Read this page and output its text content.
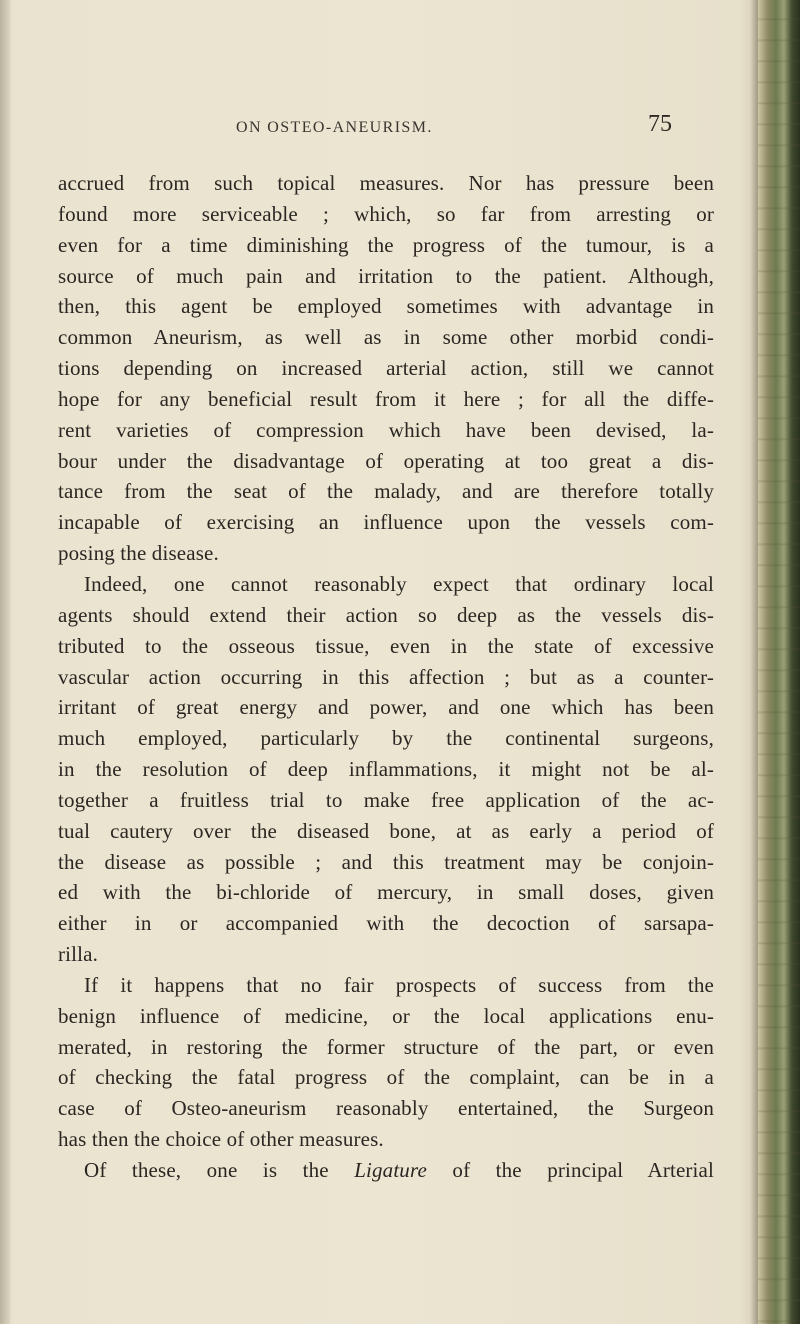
ON OSTEO-ANEURISM.	75
accrued from such topical measures. Nor has pressure been
found more serviceable ; which, so far from arresting or
even for a time diminishing the progress of the tumour, is a
source of much pain and irritation to the patient. Although,
then, this agent be employed sometimes with advantage in
common Aneurism, as well as in some other morbid condi-
tions depending on increased arterial action, still we cannot
hope for any beneficial result from it here ; for all the diffe-
rent varieties of compression which have been devised, la-
bour under the disadvantage of operating at too great a dis-
tance from the seat of the malady, and are therefore totally
incapable of exercising an influence upon the vessels com-
posing the disease.
Indeed, one cannot reasonably expect that ordinary local
agents should extend their action so deep as the vessels dis-
tributed to the osseous tissue, even in the state of excessive
vascular action occurring in this affection ; but as a counter-
irritant of great energy and power, and one which has been
much employed, particularly by the continental surgeons,
in the resolution of deep inflammations, it might not be al-
together a fruitless trial to make free application of the ac-
tual cautery over the diseased bone, at as early a period of
the disease as possible ; and this treatment may be conjoin-
ed with the bi-chloride of mercury, in small doses, given
either in or accompanied with the decoction of sarsapa-
rilla.
If it happens that no fair prospects of success from the
benign influence of medicine, or the local applications enu-
merated, in restoring the former structure of the part, or even
of checking the fatal progress of the complaint, can be in a
case of Osteo-aneurism reasonably entertained, the Surgeon
has then the choice of other measures.
Of these, one is the Ligature of the principal Arterial
